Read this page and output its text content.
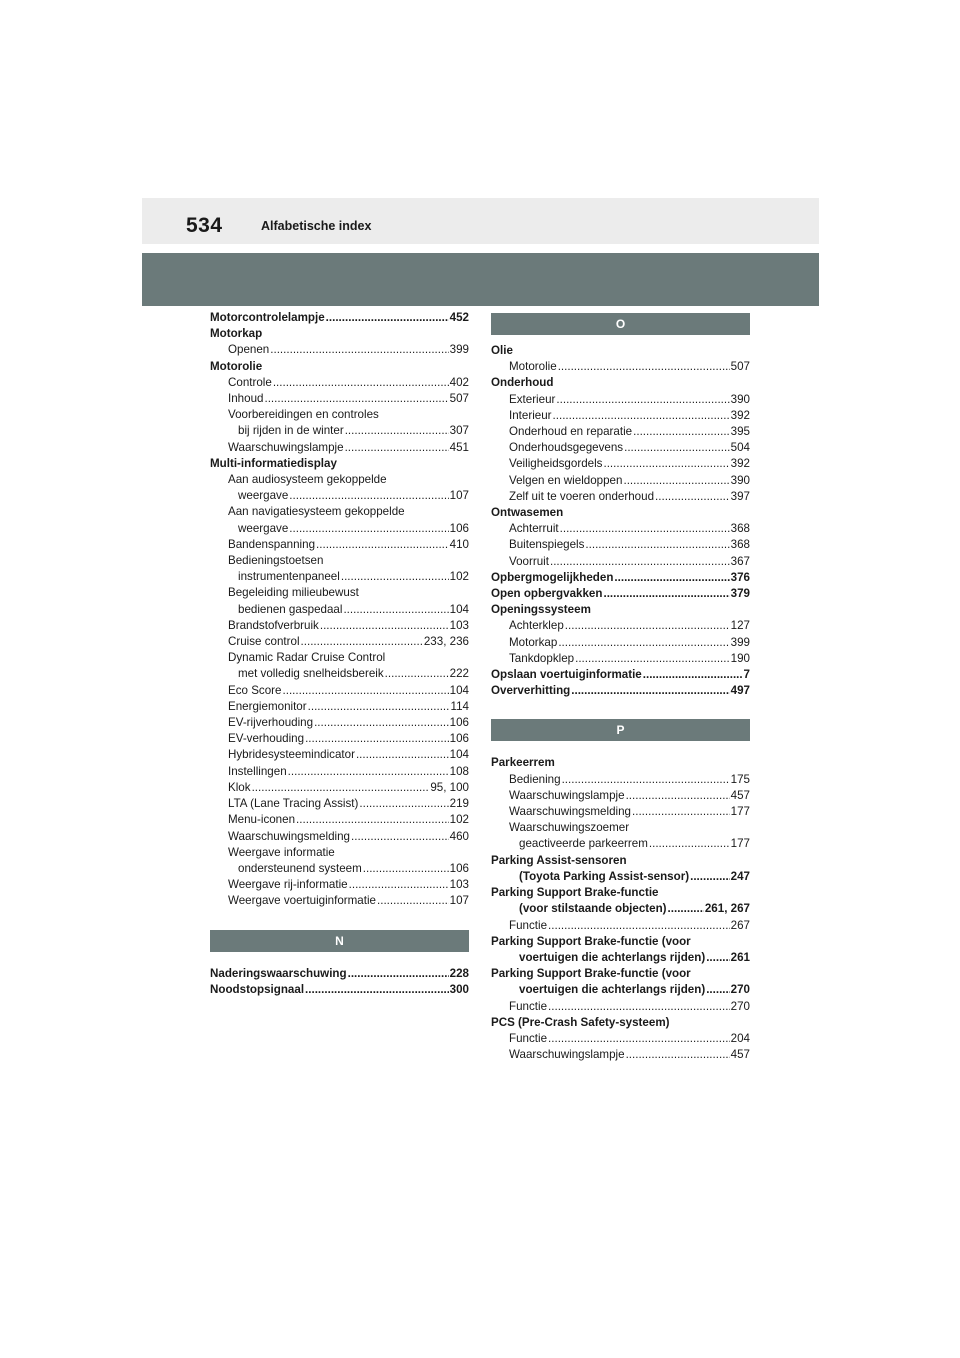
534	Alfabetische index
Motorcontrolelampje .....	452
Motorkap
Openen .....	399
Motorolie
Controle .....	402
Inhoud .....	507
Voorbereidingen en controles
bij rijden in de winter .....	307
Waarschuwingslampje .....	451
Multi-informatiedisplay
Aan audiosysteem gekoppelde
weergave .....	107
Aan navigatiesysteem gekoppelde
weergave .....	106
Bandenspanning .....	410
Bedieningstoetsen
instrumentenpaneel .....	102
Begeleiding milieubewust
bedienen gaspedaal .....	104
Brandstofverbruik .....	103
Cruise control .....	233, 236
Dynamic Radar Cruise Control
met volledig snelheidsbereik .....	222
Eco Score .....	104
Energiemonitor .....	114
EV-rijverhouding .....	106
EV-verhouding .....	106
Hybridesysteemindicator .....	104
Instellingen .....	108
Klok .....	95, 100
LTA (Lane Tracing Assist) .....	219
Menu-iconen .....	102
Waarschuwingsmelding .....	460
Weergave informatie
ondersteunend systeem .....	106
Weergave rij-informatie .....	103
Weergave voertuiginformatie .....	107
N
Naderingswaarschuwing .....	228
Noodstopsignaal .....	300
O
Olie
Motorolie .....	507
Onderhoud
Exterieur .....	390
Interieur .....	392
Onderhoud en reparatie .....	395
Onderhoudsgegevens .....	504
Veiligheidsgordels .....	392
Velgen en wieldoppen .....	390
Zelf uit te voeren onderhoud .....	397
Ontwasemen
Achterruit .....	368
Buitenspiegels .....	368
Voorruit .....	367
Opbergmogelijkheden .....	376
Open opbergvakken .....	379
Openingssysteem
Achterklep .....	127
Motorkap .....	399
Tankdopklep .....	190
Opslaan voertuiginformatie .....	7
Oververhitting .....	497
P
Parkeerrem
Bediening .....	175
Waarschuwingslampje .....	457
Waarschuwingsmelding .....	177
Waarschuwingszoemer
geactiveerde parkeerrem .....	177
Parking Assist-sensoren
(Toyota Parking Assist-sensor) .....	247
Parking Support Brake-functie
(voor stilstaande objecten) .....	261, 267
Functie .....	267
Parking Support Brake-functie (voor
voertuigen die achterlangs rijden) ..... 261
Parking Support Brake-functie (voor
voertuigen die achterlangs rijden) ..... 270
Functie .....	270
PCS (Pre-Crash Safety-systeem)
Functie .....	204
Waarschuwingslampje .....	457
